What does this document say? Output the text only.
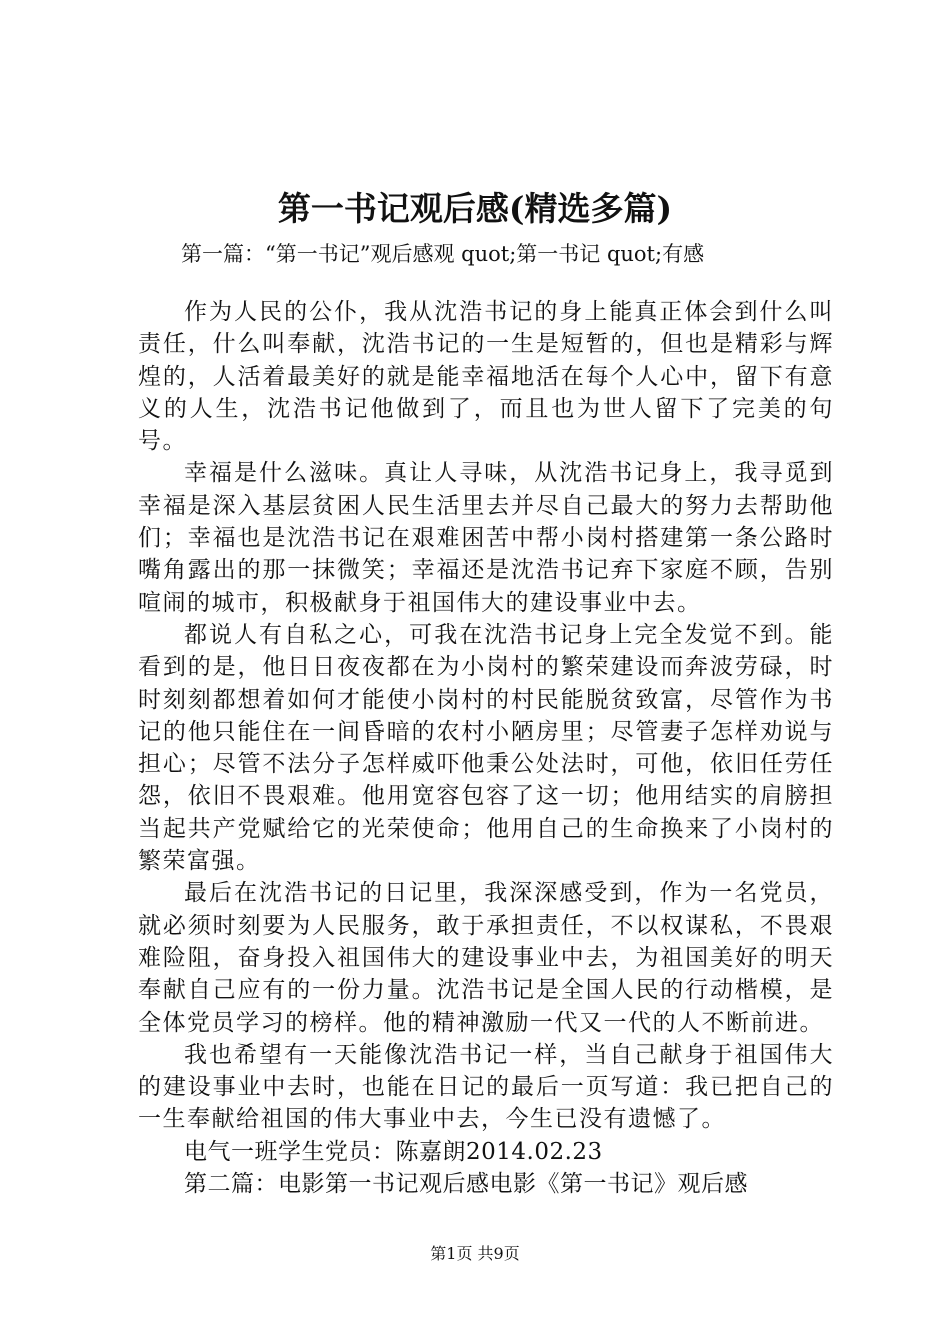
第一书记观后感(精选多篇)
第一篇：“第一书记”观后感观 quot;第一书记 quot;有感

作为人民的公仆，我从沈浩书记的身上能真正体会到什么叫责任，什么叫奉献，沈浩书记的一生是短暂的，但也是精彩与辉煌的，人活着最美好的就是能幸福地活在每个人心中，留下有意义的人生，沈浩书记他做到了，而且也为世人留下了完美的句号。

幸福是什么滋味。真让人寻味，从沈浩书记身上，我寻觅到幸福是深入基层贫困人民生活里去并尽自己最大的努力去帮助他们；幸福也是沈浩书记在艰难困苦中帮小岗村搭建第一条公路时嘴角露出的那一抹微笑；幸福还是沈浩书记弃下家庭不顾，告别喧闹的城市，积极献身于祖国伟大的建设事业中去。

都说人有自私之心，可我在沈浩书记身上完全发觉不到。能看到的是，他日日夜夜都在为小岗村的繁荣建设而奔波劳碌，时时刻刻都想着如何才能使小岗村的村民能脱贫致富，尽管作为书记的他只能住在一间昏暗的农村小陋房里；尽管妻子怎样劝说与担心；尽管不法分子怎样威吓他秉公处法时，可他，依旧任劳任怨，依旧不畏艰难。他用宽容包容了这一切；他用结实的肩膀担当起共产党赋给它的光荣使命；他用自己的生命换来了小岗村的繁荣富强。

最后在沈浩书记的日记里，我深深感受到，作为一名党员，就必须时刻要为人民服务，敢于承担责任，不以权谋私，不畏艰难险阻，奋身投入祖国伟大的建设事业中去，为祖国美好的明天奉献自己应有的一份力量。沈浩书记是全国人民的行动楷模，是全体党员学习的榜样。他的精神激励一代又一代的人不断前进。

我也希望有一天能像沈浩书记一样，当自己献身于祖国伟大的建设事业中去时，也能在日记的最后一页写道：我已把自己的一生奉献给祖国的伟大事业中去，今生已没有遗憾了。

电气一班学生党员：陈嘉朗2014.02.23

第二篇：电影第一书记观后感电影《第一书记》观后感

第1页 共9页
